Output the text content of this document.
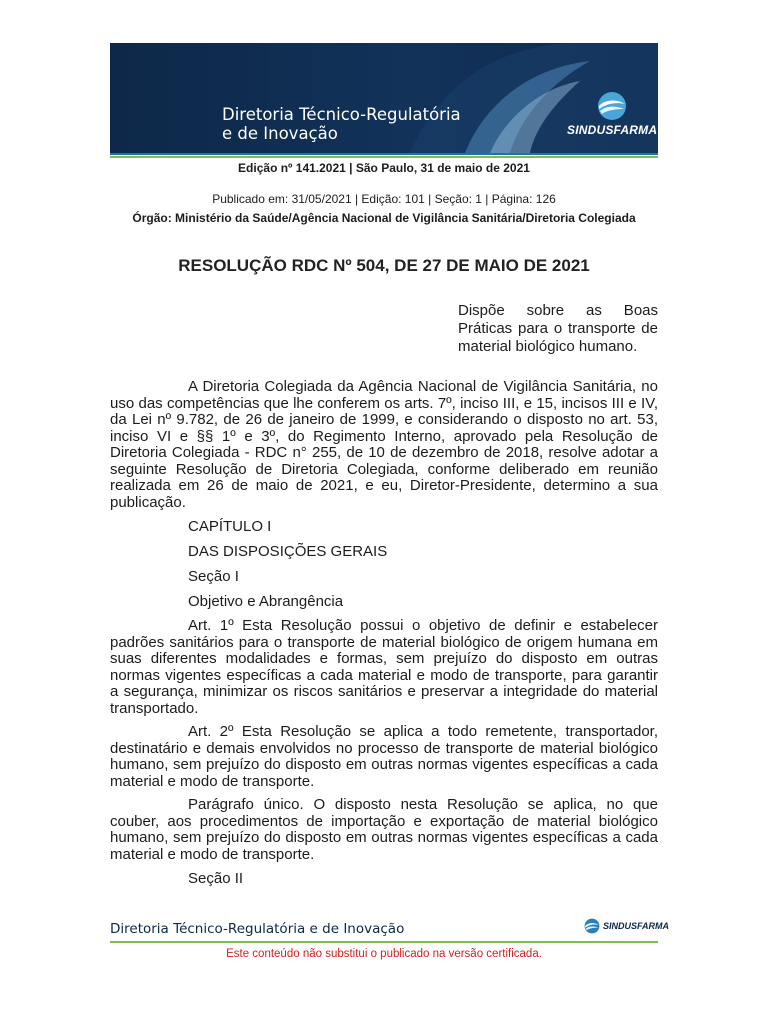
Diretoria Técnico-Regulatória
e de Inovação	SINDUSFARMA
Edição nº 141.2021 | São Paulo, 31 de maio de 2021
Publicado em: 31/05/2021 | Edição: 101 | Seção: 1 | Página: 126
Órgão: Ministério da Saúde/Agência Nacional de Vigilância Sanitária/Diretoria Colegiada
RESOLUÇÃO RDC Nº 504, DE 27 DE MAIO DE 2021
Dispõe sobre as Boas Práticas para o transporte de material biológico humano.

A Diretoria Colegiada da Agência Nacional de Vigilância Sanitária, no uso das competências que lhe conferem os arts. 7º, inciso III, e 15, incisos III e IV, da Lei nº 9.782, de 26 de janeiro de 1999, e considerando o disposto no art. 53, inciso VI e §§ 1º e 3º, do Regimento Interno, aprovado pela Resolução de Diretoria Colegiada - RDC n° 255, de 10 de dezembro de 2018, resolve adotar a seguinte Resolução de Diretoria Colegiada, conforme deliberado em reunião realizada em 26 de maio de 2021, e eu, Diretor-Presidente, determino a sua publicação.

CAPÍTULO I

DAS DISPOSIÇÕES GERAIS

Seção I

Objetivo e Abrangência

Art. 1º Esta Resolução possui o objetivo de definir e estabelecer padrões sanitários para o transporte de material biológico de origem humana em suas diferentes modalidades e formas, sem prejuízo do disposto em outras normas vigentes específicas a cada material e modo de transporte, para garantir a segurança, minimizar os riscos sanitários e preservar a integridade do material transportado.

Art. 2º Esta Resolução se aplica a todo remetente, transportador, destinatário e demais envolvidos no processo de transporte de material biológico humano, sem prejuízo do disposto em outras normas vigentes específicas a cada material e modo de transporte.

Parágrafo único. O disposto nesta Resolução se aplica, no que couber, aos procedimentos de importação e exportação de material biológico humano, sem prejuízo do disposto em outras normas vigentes específicas a cada material e modo de transporte.

Seção II

Diretoria Técnico-Regulatória e de Inovação	SINDUSFARMA
Este conteúdo não substitui o publicado na versão certificada.
